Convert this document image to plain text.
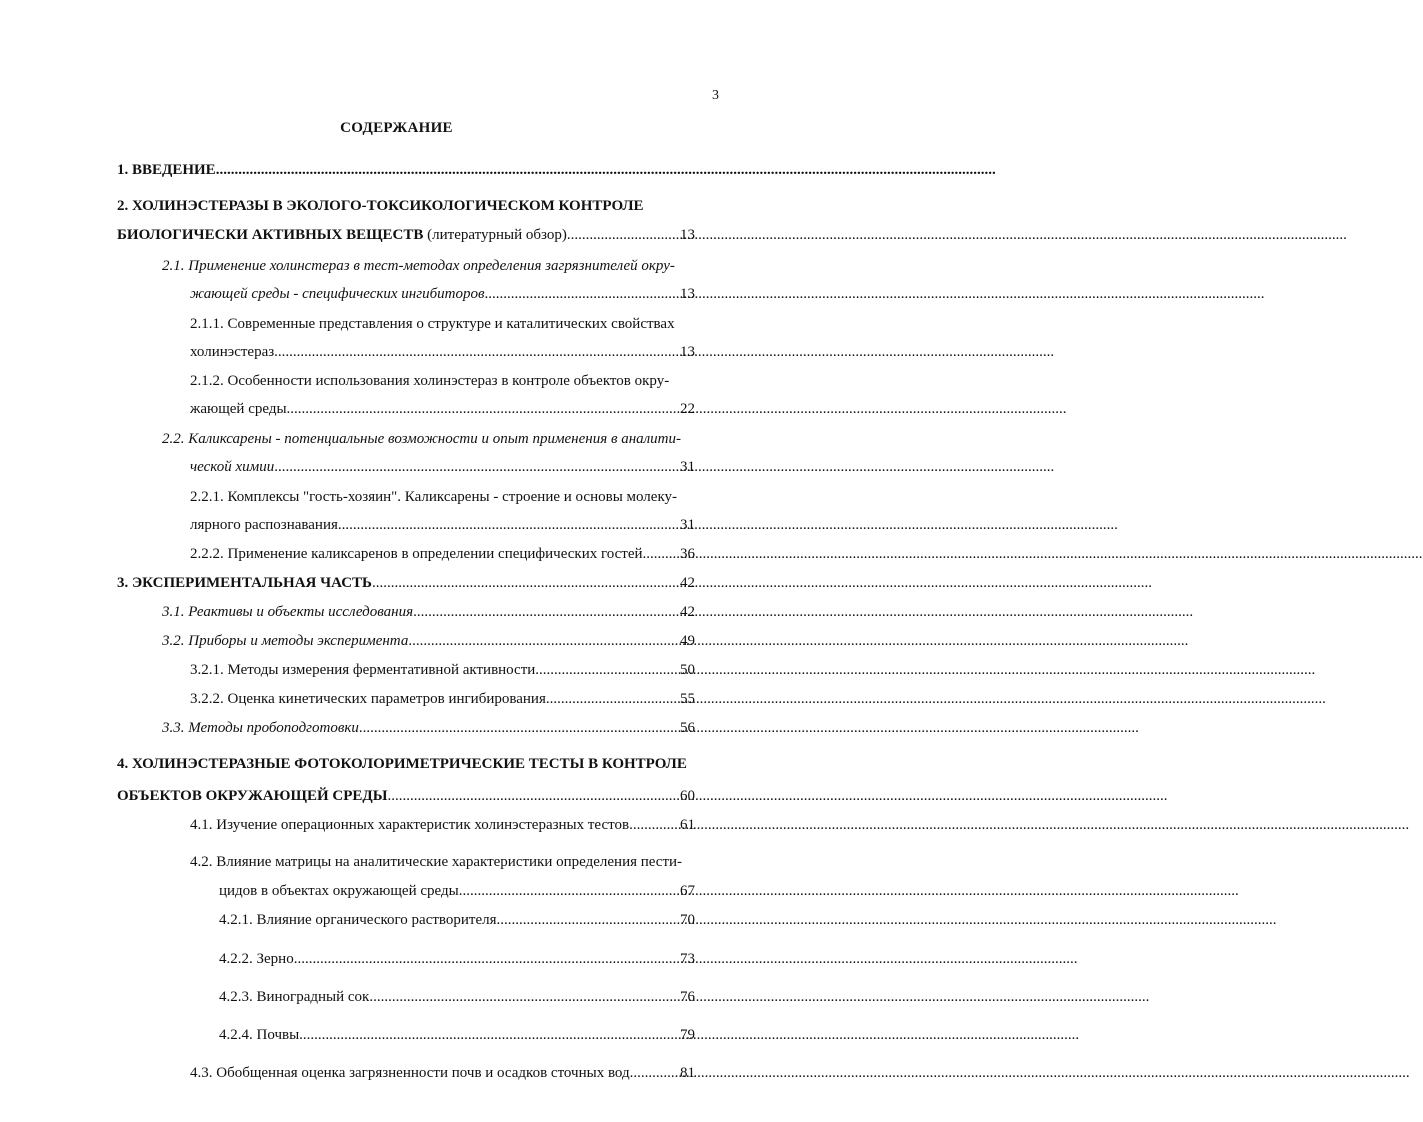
3
СОДЕРЖАНИЕ
1. ВВЕДЕНИЕ
.....
2. ХОЛИНЭСТЕРАЗЫ В ЭКОЛОГО-ТОКСИКОЛОГИЧЕСКОМ КОНТРОЛЕ
БИОЛОГИЧЕСКИ АКТИВНЫХ ВЕЩЕСТВ (литературный обзор) .....	13
2.1. Применение холинстераз в тест-методах определения загрязнителей окру-
жающей среды - специфических ингибиторов .....	13
2.1.1. Современные представления о структуре и каталитических свойствах
холинэстераз .....	13
2.1.2. Особенности использования холинэстераз в контроле объектов окру-
жающей среды .....	22
2.2. Каликсарены - потенциальные возможности и опыт применения в аналити-
ческой химии .....	31
2.2.1. Комплексы "гость-хозяин". Каликсарены - строение и основы молеку-
лярного распознавания .....	31
2.2.2. Применение каликсаренов в определении специфических гостей ..... 36
3. ЭКСПЕРИМЕНТАЛЬНАЯ ЧАСТЬ .....	42
3.1. Реактивы и объекты исследования .....	42
3.2. Приборы и методы эксперимента .....	49
3.2.1. Методы измерения ферментативной активности .....	50
3.2.2. Оценка кинетических параметров ингибирования .....	55
3.3. Методы пробоподготовки .....	56
4. ХОЛИНЭСТЕРАЗНЫЕ ФОТОКОЛОРИМЕТРИЧЕСКИЕ ТЕСТЫ В КОНТРОЛЕ
ОБЪЕКТОВ ОКРУЖАЮЩЕЙ СРЕДЫ .....	60
4.1. Изучение операционных характеристик холинэстеразных тестов .....	61
4.2. Влияние матрицы на аналитические характеристики определения пести-
цидов в объектах окружающей среды .....	67
4.2.1. Влияние органического растворителя .....	70
4.2.2. Зерно. .....	73
4.2.3. Виноградный сок .....	76
4.2.4. Почвы .....	79
4.3. Обобщенная оценка загрязненности почв и осадков сточных вод .....	81
